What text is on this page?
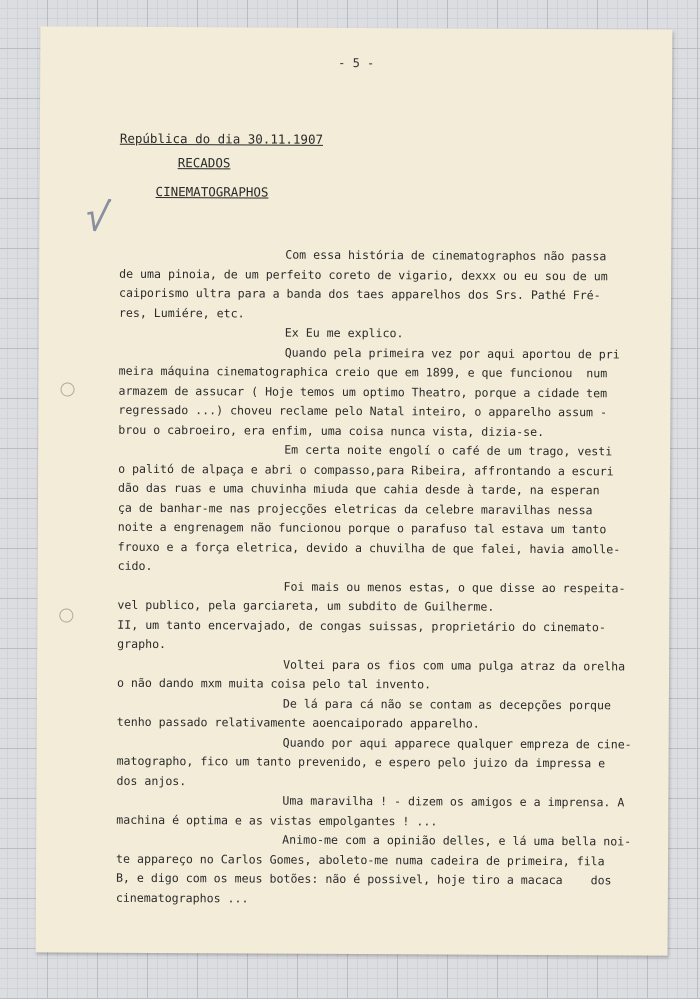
- 5 -
República do dia 30.11.1907
RECADOS
CINEMATOGRAPHOS
√
Com essa história de cinematographos não passa
de uma pinoia, de um perfeito coreto de vigario, dexxx ou eu sou de um
caiporismo ultra para a banda dos taes apparelhos dos Srs. Pathé Fré-
res, Lumiére, etc.
Ex Eu me explico.
Quando pela primeira vez por aqui aportou de pri
meira máquina cinematographica creio que em 1899, e que funcionou  num
armazem de assucar ( Hoje temos um optimo Theatro, porque a cidade tem
regressado ...) choveu reclame pelo Natal inteiro, o apparelho assum -
brou o cabroeiro, era enfim, uma coisa nunca vista, dizia-se.
Em certa noite engolí o café de um trago, vesti
o palitó de alpaça e abri o compasso,para Ribeira, affrontando a escuri
dão das ruas e uma chuvinha miuda que cahia desde à tarde, na esperan
ça de banhar-me nas projecções eletricas da celebre maravilhas nessa
noite a engrenagem não funcionou porque o parafuso tal estava um tanto
frouxo e a força eletrica, devido a chuvilha de que falei, havia amolle-
cido.
Foi mais ou menos estas, o que disse ao respeita-
vel publico, pela garciareta, um subdito de Guilherme.
II, um tanto encervajado, de congas suissas, proprietário do cinemato-
grapho.
Voltei para os fios com uma pulga atraz da orelha
o não dando mxm muita coisa pelo tal invento.
De lá para cá não se contam as decepções porque
tenho passado relativamente aoencaiporado apparelho.
Quando por aqui apparece qualquer empreza de cine-
matographo, fico um tanto prevenido, e espero pelo juizo da impressa e
dos anjos.
Uma maravilha ! - dizem os amigos e a imprensa. A
machina é optima e as vistas empolgantes ! ...
Animo-me com a opinião delles, e lá uma bella noi-
te appareço no Carlos Gomes, aboleto-me numa cadeira de primeira, fila
B, e digo com os meus botões: não é possivel, hoje tiro a macaca    dos
cinematographos ...
